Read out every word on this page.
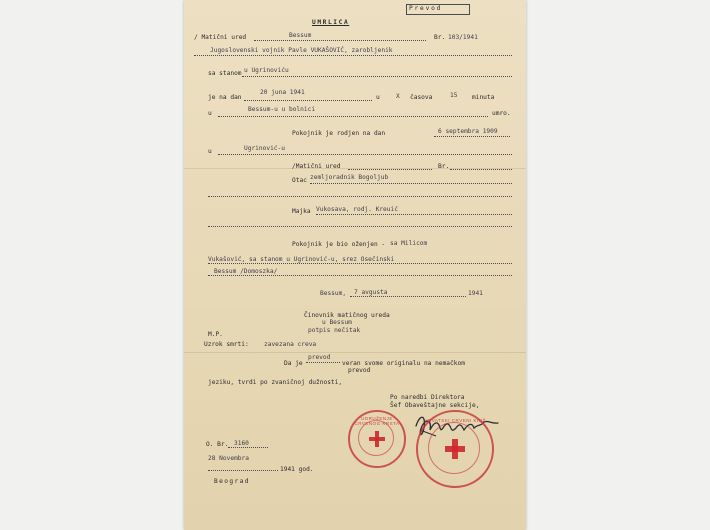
Prevod
UMRLICA
/ Matični ured	Bessum	Br. 103/1941
Jugoslovenski vojnik Pavle VUKAŠOVIĆ, zarobljenik
sa stanom u Ugrinoviću
je na dan
20 juna 1941
u	X časova	15 minuta
u
Bessum-u u bolnici
umro.
Pokojnik je rodjen na dan	6 septembra 1909
u	Ugrinović-u
/Matični ured	Br.
Otac zemljoradnik Bogoljub
Majka Vukosava, rodj. Kreuić
Pokojnik je bio oženjen - sa Milicom
Vukašović, sa stanom u Ugrinović-u, srez Osečinski
Bessum /Domoszka/
Bessum, 7 avgusta	1941
Činovnik matičnog ureda
u Bessum
potpis nečitak
M.P.
Uzrok smrti: zavezana creva
Da je
prevod
veran svome originalu na nemačkom
prevod
jeziku, tvrdi po zvaničnoj dužnosti,
Po naredbi Direktora
Šef Obaveštajne sekcije,
UDRUŽENJE CRVENOG KRSTA
HRVATSKI CRVENI KRIŽ
O. Br. 3160
28 Novembra
1941 god.
Beograd
